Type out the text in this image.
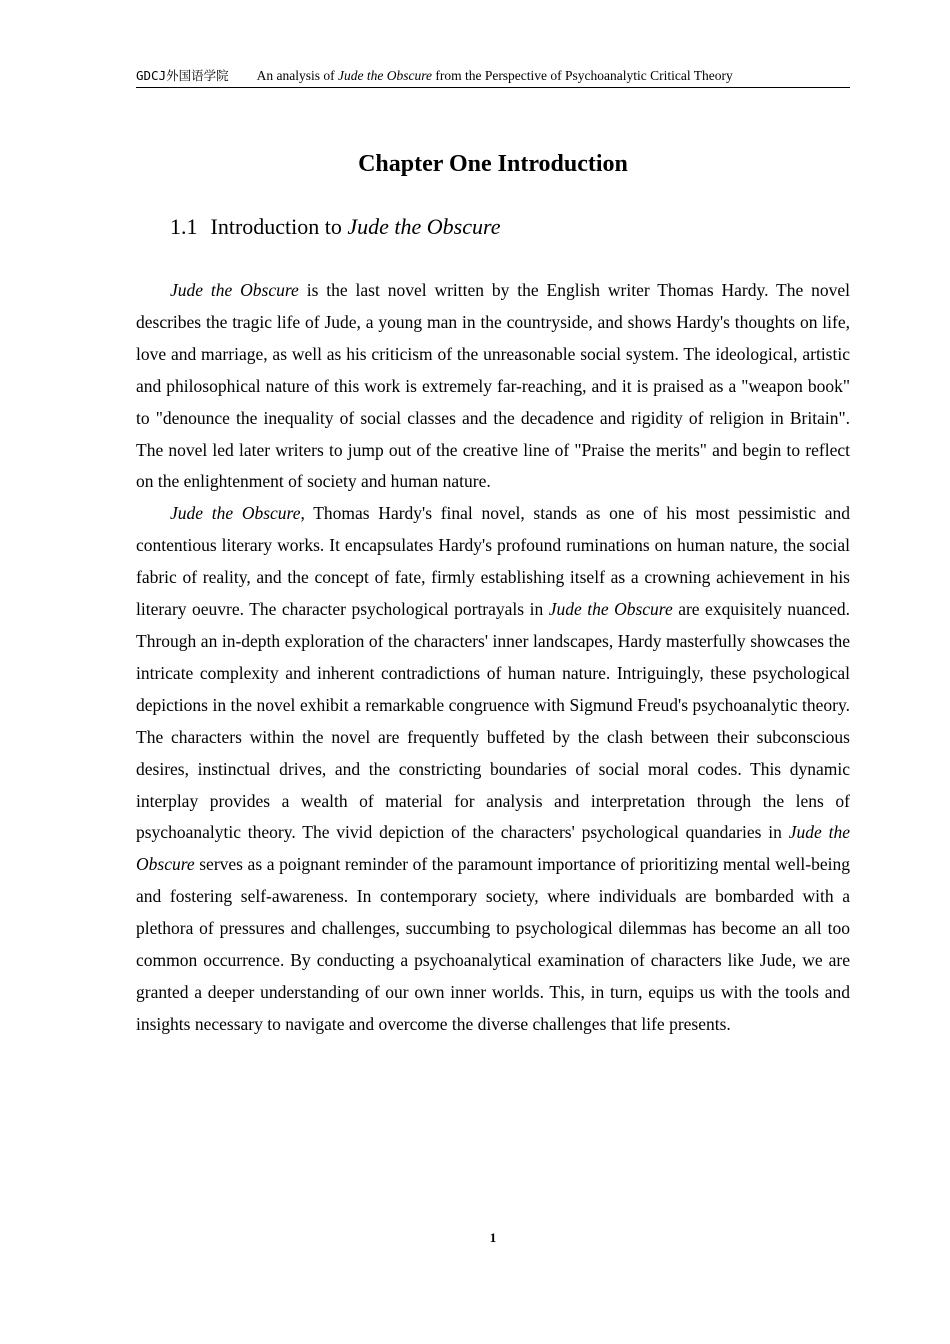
GDCJ外国语学院 An analysis of Jude the Obscure from the Perspective of Psychoanalytic Critical Theory
Chapter One Introduction
1.1 Introduction to Jude the Obscure

Jude the Obscure is the last novel written by the English writer Thomas Hardy. The novel describes the tragic life of Jude, a young man in the countryside, and shows Hardy's thoughts on life, love and marriage, as well as his criticism of the unreasonable social system. The ideological, artistic and philosophical nature of this work is extremely far-reaching, and it is praised as a "weapon book" to "denounce the inequality of social classes and the decadence and rigidity of religion in Britain". The novel led later writers to jump out of the creative line of "Praise the merits" and begin to reflect on the enlightenment of society and human nature.

Jude the Obscure, Thomas Hardy's final novel, stands as one of his most pessimistic and contentious literary works. It encapsulates Hardy's profound ruminations on human nature, the social fabric of reality, and the concept of fate, firmly establishing itself as a crowning achievement in his literary oeuvre. The character psychological portrayals in Jude the Obscure are exquisitely nuanced. Through an in-depth exploration of the characters' inner landscapes, Hardy masterfully showcases the intricate complexity and inherent contradictions of human nature. Intriguingly, these psychological depictions in the novel exhibit a remarkable congruence with Sigmund Freud's psychoanalytic theory. The characters within the novel are frequently buffeted by the clash between their subconscious desires, instinctual drives, and the constricting boundaries of social moral codes. This dynamic interplay provides a wealth of material for analysis and interpretation through the lens of psychoanalytic theory. The vivid depiction of the characters' psychological quandaries in Jude the Obscure serves as a poignant reminder of the paramount importance of prioritizing mental well-being and fostering self-awareness. In contemporary society, where individuals are bombarded with a plethora of pressures and challenges, succumbing to psychological dilemmas has become an all too common occurrence. By conducting a psychoanalytical examination of characters like Jude, we are granted a deeper understanding of our own inner worlds. This, in turn, equips us with the tools and insights necessary to navigate and overcome the diverse challenges that life presents.

1
